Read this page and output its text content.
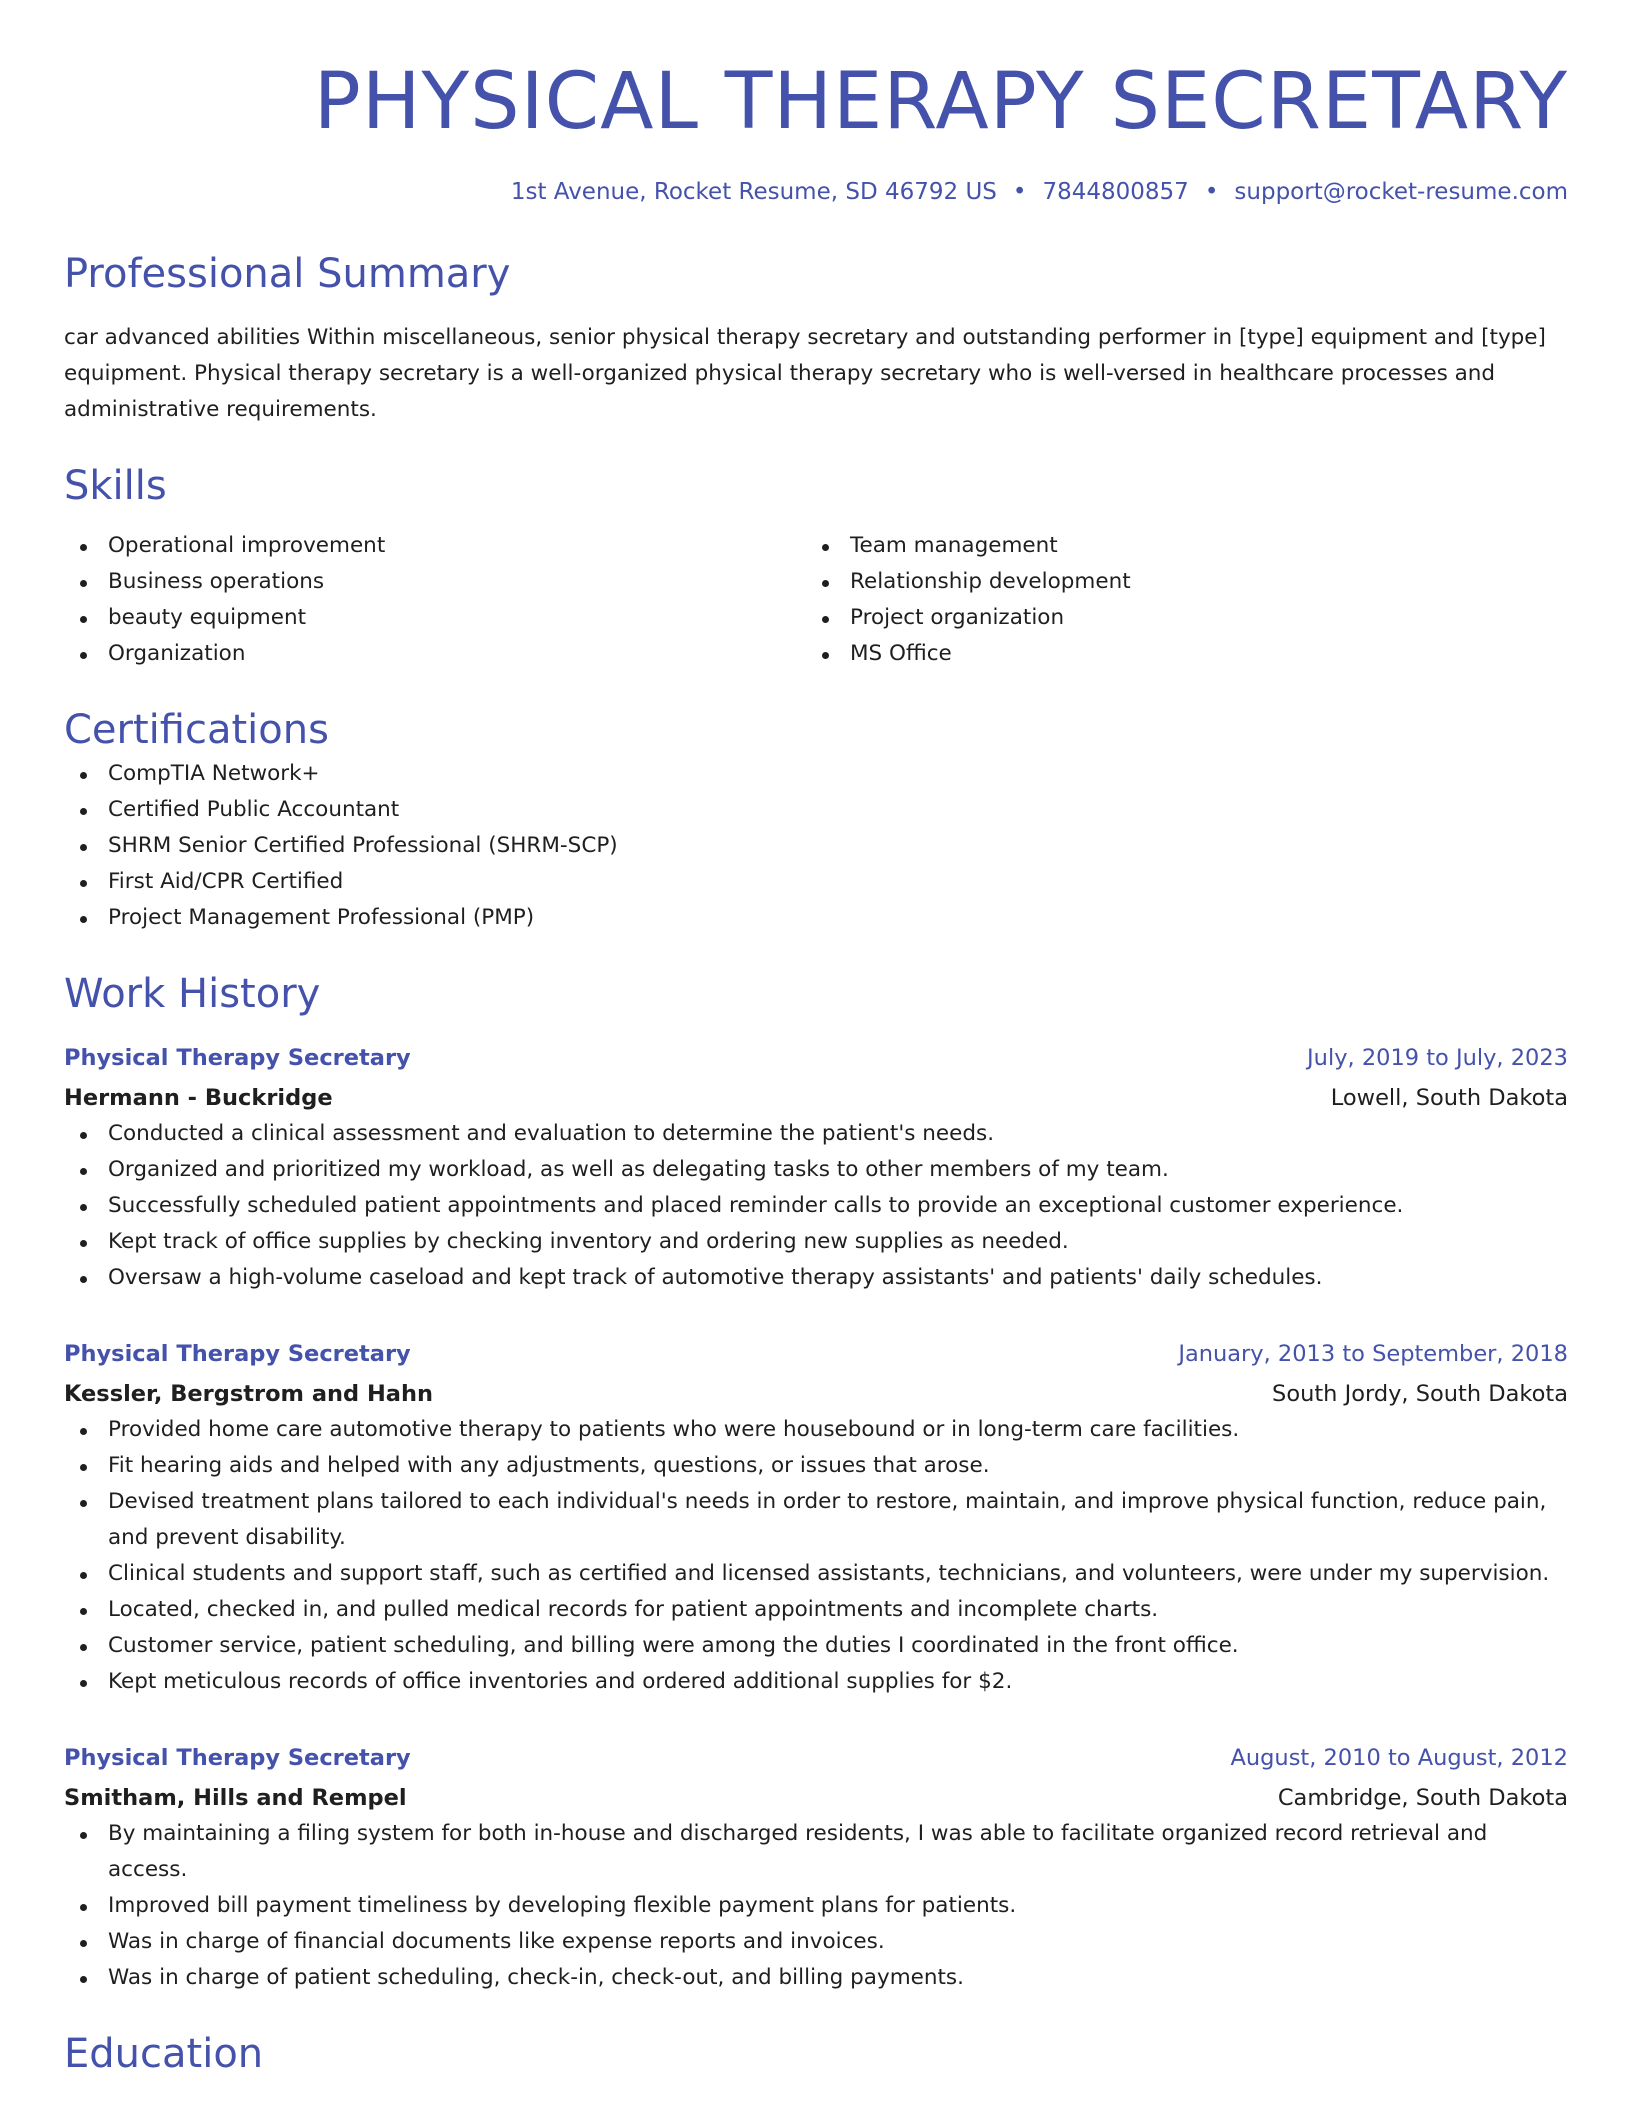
PHYSICAL THERAPY SECRETARY
1st Avenue, Rocket Resume, SD 46792 US • 7844800857 • support@rocket-resume.com
Professional Summary

car advanced abilities Within miscellaneous, senior physical therapy secretary and outstanding performer in [type] equipment and [type] equipment. Physical therapy secretary is a well-organized physical therapy secretary who is well-versed in healthcare processes and administrative requirements.

Skills
Operational improvement
Business operations
beauty equipment
Organization
Team management
Relationship development
Project organization
MS Office
Certifications
CompTIA Network+
Certified Public Accountant
SHRM Senior Certified Professional (SHRM-SCP)
First Aid/CPR Certified
Project Management Professional (PMP)
Work History
Physical Therapy Secretary	July, 2019 to July, 2023
Hermann - Buckridge	Lowell, South Dakota
Conducted a clinical assessment and evaluation to determine the patient's needs.
Organized and prioritized my workload, as well as delegating tasks to other members of my team.
Successfully scheduled patient appointments and placed reminder calls to provide an exceptional customer experience.
Kept track of office supplies by checking inventory and ordering new supplies as needed.
Oversaw a high-volume caseload and kept track of automotive therapy assistants' and patients' daily schedules.
Physical Therapy Secretary	January, 2013 to September, 2018
Kessler, Bergstrom and Hahn	South Jordy, South Dakota
Provided home care automotive therapy to patients who were housebound or in long-term care facilities.
Fit hearing aids and helped with any adjustments, questions, or issues that arose.
Devised treatment plans tailored to each individual's needs in order to restore, maintain, and improve physical function, reduce pain, and prevent disability.
Clinical students and support staff, such as certified and licensed assistants, technicians, and volunteers, were under my supervision.
Located, checked in, and pulled medical records for patient appointments and incomplete charts.
Customer service, patient scheduling, and billing were among the duties I coordinated in the front office.
Kept meticulous records of office inventories and ordered additional supplies for $2.
Physical Therapy Secretary	August, 2010 to August, 2012
Smitham, Hills and Rempel	Cambridge, South Dakota
By maintaining a filing system for both in-house and discharged residents, I was able to facilitate organized record retrieval and access.
Improved bill payment timeliness by developing flexible payment plans for patients.
Was in charge of financial documents like expense reports and invoices.
Was in charge of patient scheduling, check-in, check-out, and billing payments.
Education
